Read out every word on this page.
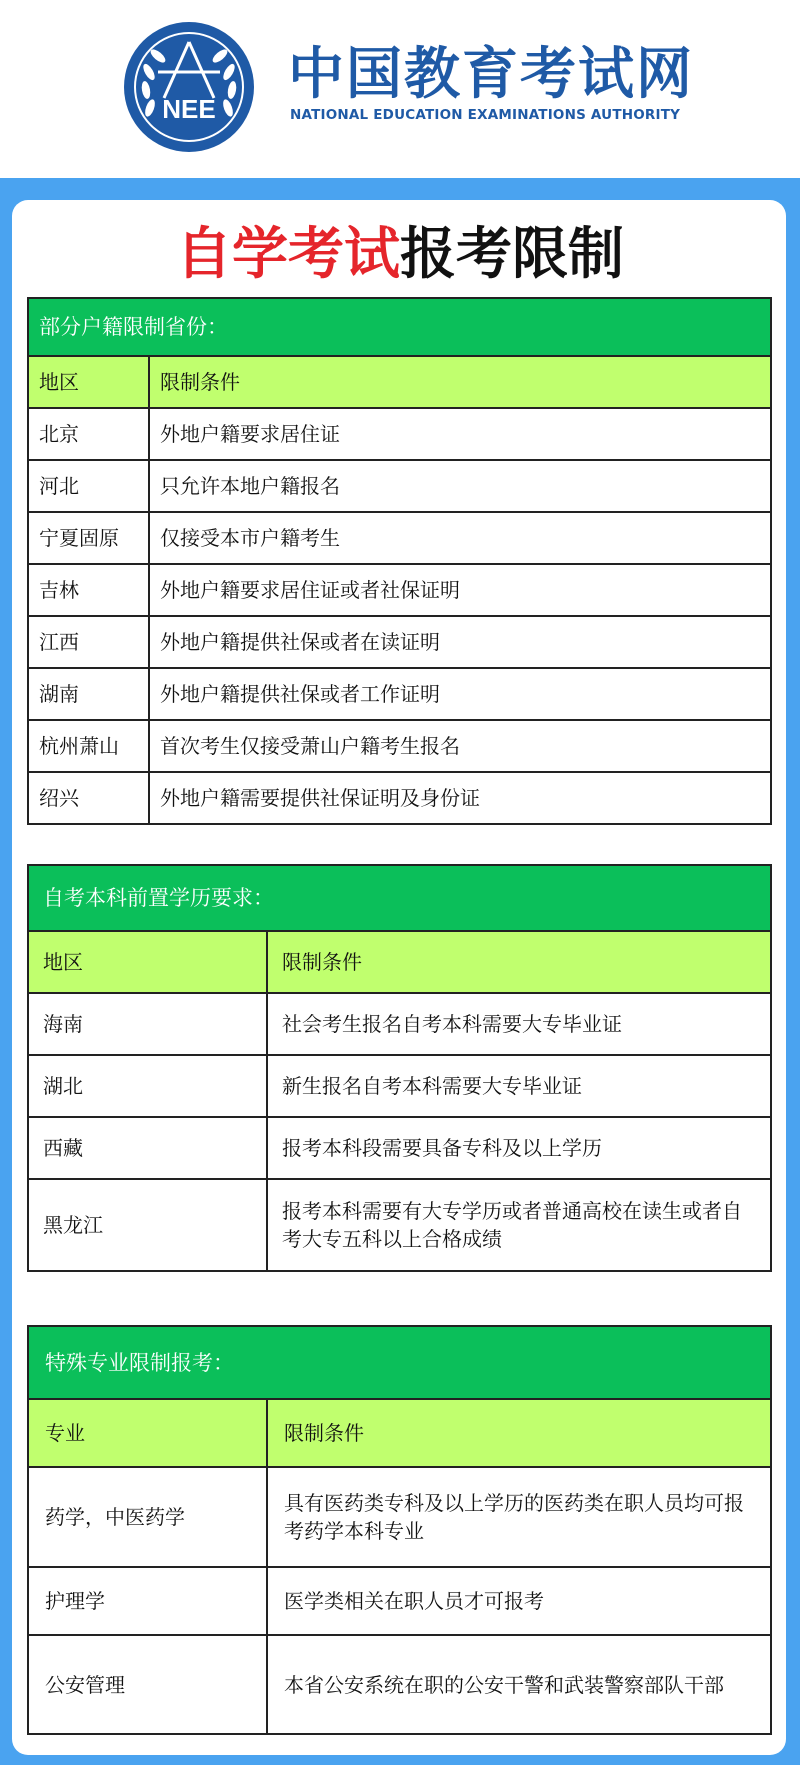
NEE
中国教育考试网
NATIONAL EDUCATION EXAMINATIONS AUTHORITY
自学考试报考限制
部分户籍限制省份：	
地区	限制条件
北京	外地户籍要求居住证
河北	只允许本地户籍报名
宁夏固原	仅接受本市户籍考生
吉林	外地户籍要求居住证或者社保证明
江西	外地户籍提供社保或者在读证明
湖南	外地户籍提供社保或者工作证明
杭州萧山	首次考生仅接受萧山户籍考生报名
绍兴	外地户籍需要提供社保证明及身份证
自考本科前置学历要求：	
地区	限制条件
海南	社会考生报名自考本科需要大专毕业证
湖北	新生报名自考本科需要大专毕业证
西藏	报考本科段需要具备专科及以上学历
黑龙江	报考本科需要有大专学历或者普通高校在读生或者自考大专五科以上合格成绩
特殊专业限制报考：	
专业	限制条件
药学，中医药学	具有医药类专科及以上学历的医药类在职人员均可报考药学本科专业
护理学	医学类相关在职人员才可报考
公安管理	本省公安系统在职的公安干警和武装警察部队干部
